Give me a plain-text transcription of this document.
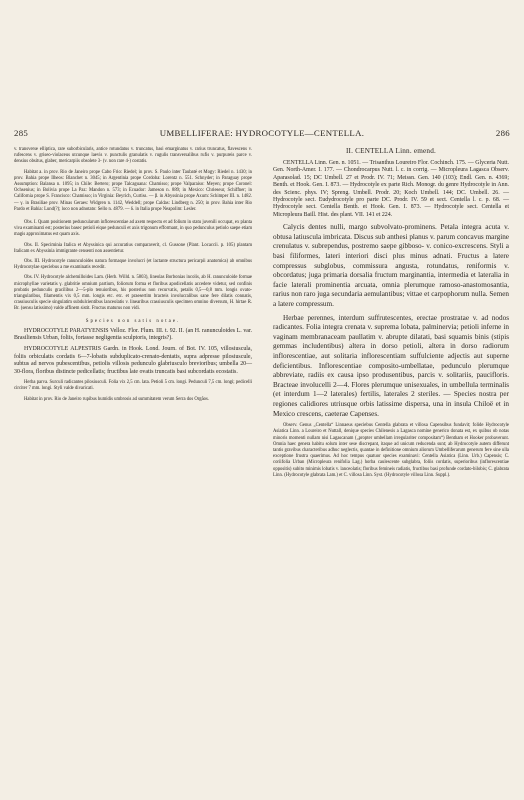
285	UMBELLIFERAE: HYDROCOTYLE—CENTELLA.	286

v. transverse elliptica, rare suborbicularis, antice rotundatus v. truncatus, basi emarginatus v. rarius truncatus, flavescens v. rufescens v. griseo-violaceus utcunque laevis v. punctulis granulatis v. rugulis transversalibus rufis v. purpureis parce v. densius obsitus, glaber, mericarpiis obsolete 3- (v. non rare 4-) costatis.

Habitat a. in prov. Rio de Janeiro prope Cabo Frio: Riedel; in prov. S. Paulo inter Taubaté et Mogy: Riedel n. 1430; in prov. Bahia prope Ilheos: Blanchet n. 3045; in Argentinia prope Cordoba: Lorentz n. 551. Schnyder; in Paraguay prope Assumption: Balansa n. 1095; in Chile: Bertero; prope Talcaguana: Chamisso; prope Valparaiso: Meyen; prope Coronel: Ochsenius; in Bolivia prope La Paz: Mandon n. 573; in Ecuador: Jameson n. 889; in Mexico: Chrieseur, Schiffner; in California prope S. Francisco: Chamisso; in Virginia: Beyrich, Curtiss. — β. in Abyssinia prope Axum: Schimper III. n. 1482. — γ. in Brasiliae prov. Minas Geraes: Widgren n. 1142, Weddell; prope Caldas: Lindberg n. 250; in prov. Bahia inter Rio Pardo et Bahia: Lund(?); loco non adnotato: Sello n. 4879. — δ. in Italia prope Neapolim: Lesler.

Obs. I. Quam positionem peduncularum inflorescentiae ad axem respectu et ad folium in statu juvenili occupat, ex planta viva examinanti est; posterius basec petioli eique pedunculi et axis trigonum efformant, in quo pedunculus petiolo saepe etiam magis approximatus est quam axis.

Obs. II. Speciminia Italica et Abyssinica qui accuratius comparaverit, cl. Gussone (Plant. Locaccii. p. 105) plantam Italicam ex Abyssinia immigrante censenti non assentietur.

Obs. III. Hydrocotyle ranunculoides natura formaque involucri (et lactante structura pericarpii anatomica) ab omnibus Hydrocotylae speciebus a me examinatis recedit.

Obs. IV. Hydrocotyle alchemilloides Lam. (Herb. Willd. n. 5803), lineolas Borbonias incolis, ab H. ranunculoide formae microphyllae varietatis γ. glabritie omnium partium, foliorum forma et floribus apodicellatis accedere videtur, sed confinis probatis pedunculis gracilibus 2—5-plo tenuioribus, his posterius non recurvatis, petalis 0,5—0,8 mm. longis ovato-triangularibus, filamentis vix 0,5 mm. longis etc. etc. et praesertim bracteis involucralibus sane fere dilatis connatis, crassiusculis specie singulatim subdulcientibus lanceolatis v. linearibus crassiusculis specimen omnino diversum, H. hirtae R. Br. (sensu latissimo) valde affinem sistit. Fructus maturus non vidi.

Species non satis notae.

HYDROCOTYLE PARATYENSIS Velloz. Flor. Flum. III. t. 92. II. (an H. ranunculoides L. var. Brasiliensis Urban, foliis, fortasse negligentia sculptoris, integris?).

HYDROCOTYLE ALPESTRIS Gardn. in Hook. Lond. Journ. of Bot. IV. 105, villosiuscula, foliis orbiculatis cordatis 6—7-lobatis subduplicato-crenato-dentatis, supra adpresse pilosiuscule, subtus ad nervos pubescentibus, petiolis villosis pedunculo glabriusculo brevioribus; umbella 20—30-flora, floribus distincte pedicellatis; fructibus late ovatis truncatis basi subcordatis ecostatis.

Herba parva. Surculi radicantes pilosiusculi. Folia vix 2,5 cm. lata. Petioli 5 cm. longi. Pedunculi 7,5 cm. longi; pedicelli circiter 7 mm. longi. Styli valde divaricati.

Habitat in prov. Rio de Janeiro rupibus humidis umbrosis ad summitatem verum Serra dos Orgãos.

II. CENTELLA Linn. emend.

CENTELLA Linn. Gen. n. 1051. — Trisanthus Loureiro Flor. Cochinch. 175. — Glyceria Nutt. Gen. North-Amer. I. 177. — Chondrocarpus Nutt. l. c. in corrig. — Micropleura Lagasca Observ. Aparasolad. 15; DC Umbell. 27 et Prodr. IV. 71; Meissn. Gen. 140 (103); Endl. Gen. n. 4369; Benth. et Hook. Gen. I. 873. — Hydrocotyle ex parte Rich. Monogr. du genre Hydrocotyle in Ann. des Scienc. phys. IV; Spreng. Umbell. Prodr. 20; Koch Umbell. 144; DC. Umbell. 26. — Hydrocotyle sect. Eudydrocotyle pro parte DC. Prodr. IV. 59 et sect. Centella l. c. p. 68. — Hydrocotyle sect. Centella Benth. et Hook. Gen. I. 873. — Hydrocotyle sect. Centella et Micropleura Baill. Hist. des plant. VII. 141 et 224.

Calycis dentes nulli, margo subvolvato-prominens. Petala integra acuta v. obtusa latiuscula imbricata. Discus sub anthesi planus v. parum concavus margine crenulatus v. subrependus, postremo saepe gibboso- v. conico-excrescens. Styli a basi filiformes, lateri interiori disci plus minus adnati. Fructus a latere compressus subglobus, commissura angusta, rotundatus, reniformis v. obcordatus; juga primaria dorsalia fructum marginantia, intermedia et lateralia in facie laterali prominentia arcuata, omnia plerumque ramoso-anastomosantia, rarius non raro juga secundaria aemulantibus; vittae et carpophorum nulla. Semen a latere compressum.

Herbae perennes, interdum suffrutescentes, erectae prostratae v. ad nodos radicantes. Folia integra crenata v. suprema lobata, palminervia; petioli inferne in vaginam membranaceam paullatim v. abrupte dilatati, basi squamis binis (stipis gemmas includentibus) altera in dorso petioli, altera in dorso radiorum inflorescentiae, aut solitaria inflorescentiam suffulciente adjectis aut superne deficientibus. Inflorescentiae composito-umbellatae, pedunculo plerumque abbreviate, radiis ex causa ipso produsentibus, parcis v. solitariis, paucifloris. Bracteae involucelli 2—4. Flores plerumque unisexuales, in umbellula terminalis (et interdum 1—2 laterales) fertilis, laterales 2 steriles. — Species nostra per regiones calidiores utriusque orbis latissime dispersa, una in insula Chiloë et in Mexico crescens, caeterae Capenses.

Observ. Genus „Centella“ Linnaeus speciebus Centella glabrata et villosa Capensibus fundavit; folide Hydrocotyle Asiatica Linn. a Loureiro et Nuttall, denique species Chilenesis a Lagasca nomine generico donata est, ex quibus ob notas minoris momenti nullam nisi Lagascanam („propter umbellam irregulariter compositam“) Bentham et Hooker probaverunt. Omnia haec genera habitu solum inter sese discrepant, itaque ad unicum reducenda sunt; ab Hydrocotyle autem differunt tantis gravibus characteribus adhuc neglectis, quantae in definitione omnium aliorum Umbelliferarum generum fere sine ulla exceptione frustra quaerimus. Ad hoc tempus quatuor species examinavi: Centella Asiatica (Linn. Urb.) Capensis; C. coriifolia Urban (Micropleura renifolia Lag.) horba caulescente subglabra, foliis cordatis, superioribus (inflorescentiae oppositis) subito minimis lobatis v. lanceolatis; floribus femineis radiatis, fructibus basi profunde cordato-bilobis; C. glabrata Linn. (Hydrocotyle glabrata Lam.) et C. villosa Linn. Syst. (Hydrocotyle villosa Linn. Suppl.).
